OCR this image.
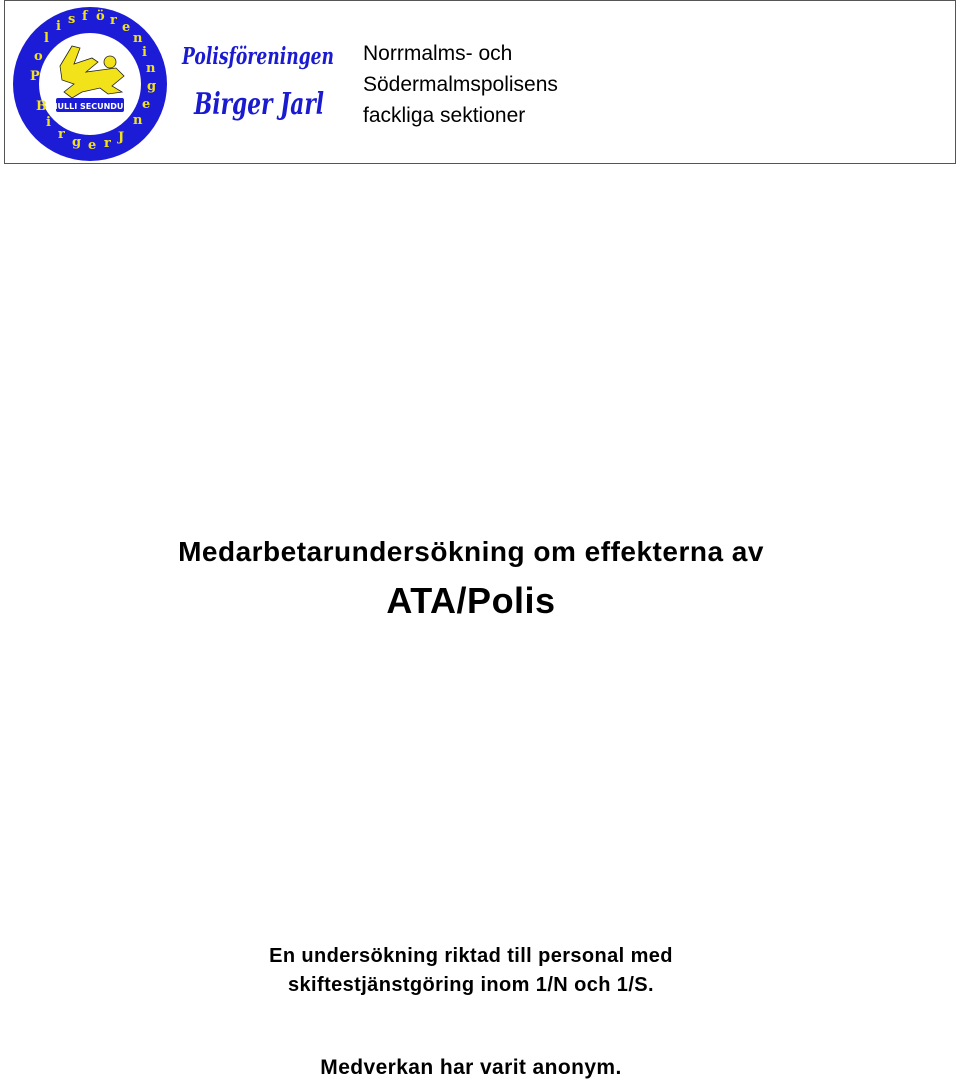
P
o
l
i s f ö r e
n
i
n
g
e
n
B
i
r
g e r J
NULLI SECUNDUS
Polisföreningen
Birger Jarl
Norrmalms- och
Södermalmspolisens
fackliga sektioner
Medarbetarundersökning om effekterna av
ATA/Polis
En undersökning riktad till personal med
skiftestjänstgöring inom 1/N och 1/S.
Medverkan har varit anonym.
